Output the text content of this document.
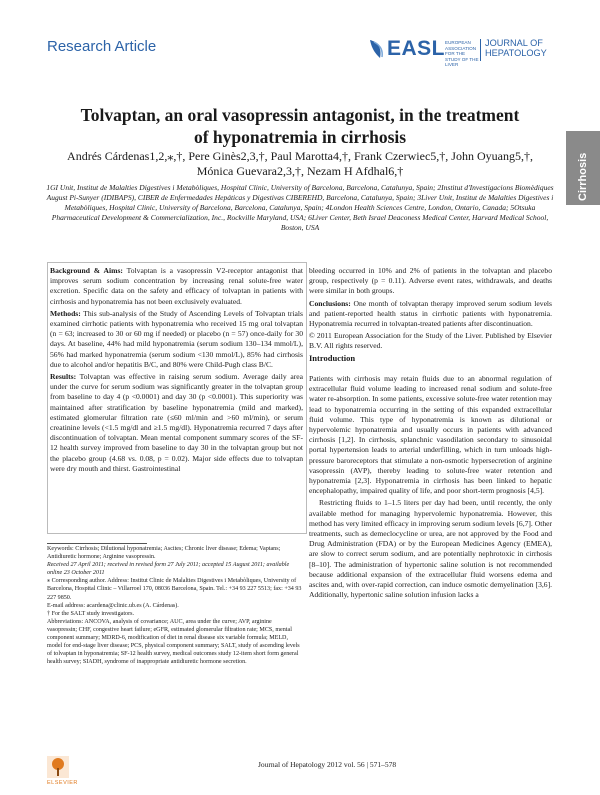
Research Article	EASL EUROPEAN ASSOCIATION FOR THE STUDY OF THE LIVER
JOURNAL OF
HEPATOLOGY
Cirrhosis
Tolvaptan, an oral vasopressin antagonist, in the treatment
of hyponatremia in cirrhosis
Andrés Cárdenas1,2,⁎,†, Pere Ginès2,3,†, Paul Marotta4,†, Frank Czerwiec5,†, John Oyuang5,†,
Mónica Guevara2,3,†, Nezam H Afdhal6,†
1GI Unit, Institut de Malalties Digestives i Metabòliques, Hospital Clinic, University of Barcelona, Barcelona, Catalunya, Spain; 2Institut d'Investigacions Biomèdiques August Pi-Sunyer (IDIBAPS), CIBER de Enfermedades Hepáticas y Digestivas CIBEREHD, Barcelona, Catalunya, Spain; 3Liver Unit, Institut de Malalties Digestives i Metabòliques, Hospital Clinic, University of Barcelona, Barcelona, Catalunya, Spain; 4London Health Sciences Centre, London, Ontario, Canada; 5Otsuka Pharmaceutical Development & Commercialization, Inc., Rockville Maryland, USA; 6Liver Center, Beth Israel Deaconess Medical Center, Harvard Medical School, Boston, USA

Background & Aims: Tolvaptan is a vasopressin V2-receptor antagonist that improves serum sodium concentration by increasing renal solute-free water excretion. Specific data on the safety and efficacy of tolvaptan in patients with cirrhosis and hyponatremia has not been exclusively evaluated.

Methods: This sub-analysis of the Study of Ascending Levels of Tolvaptan trials examined cirrhotic patients with hyponatremia who received 15 mg oral tolvaptan (n = 63; increased to 30 or 60 mg if needed) or placebo (n = 57) once-daily for 30 days. At baseline, 44% had mild hyponatremia (serum sodium 130–134 mmol/L), 56% had marked hyponatremia (serum sodium <130 mmol/L), 85% had cirrhosis due to alcohol and/or hepatitis B/C, and 80% were Child-Pugh class B/C.

Results: Tolvaptan was effective in raising serum sodium. Average daily area under the curve for serum sodium was significantly greater in the tolvaptan group from baseline to day 4 (p <0.0001) and day 30 (p <0.0001). This superiority was maintained after stratification by baseline hyponatremia (mild and marked), estimated glomerular filtration rate (≤60 ml/min and >60 ml/min), or serum creatinine levels (<1.5 mg/dl and ≥1.5 mg/dl). Hyponatremia recurred 7 days after discontinuation of tolvaptan. Mean mental component summary scores of the SF-12 health survey improved from baseline to day 30 in the tolvaptan group but not the placebo group (4.68 vs. 0.08, p = 0.02). Major side effects due to tolvaptan were dry mouth and thirst. Gastrointestinal

bleeding occurred in 10% and 2% of patients in the tolvaptan and placebo group, respectively (p = 0.11). Adverse event rates, withdrawals, and deaths were similar in both groups.

Conclusions: One month of tolvaptan therapy improved serum sodium levels and patient-reported health status in cirrhotic patients with hyponatremia. Hyponatremia recurred in tolvaptan-treated patients after discontinuation.

© 2011 European Association for the Study of the Liver. Published by Elsevier B.V. All rights reserved.

Introduction

Patients with cirrhosis may retain fluids due to an abnormal regulation of extracellular fluid volume leading to increased renal sodium and solute-free water re-absorption. In some patients, excessive solute-free water retention may lead to hyponatremia occurring in the setting of this expanded extracellular fluid volume. This type of hyponatremia is known as dilutional or hypervolemic hyponatremia and usually occurs in patients with advanced cirrhosis [1,2]. In cirrhosis, splanchnic vasodilation secondary to sinusoidal portal hypertension leads to arterial underfilling, which in turn unloads high-pressure baroreceptors that stimulate a non-osmotic hypersecretion of arginine vasopressin (AVP), thereby leading to solute-free water retention and hyponatremia [2,3]. Hyponatremia in cirrhosis has been linked to hepatic encephalopathy, impaired quality of life, and poor short-term prognosis [4,5].

Restricting fluids to 1–1.5 liters per day had been, until recently, the only available method for managing hypervolemic hyponatremia. However, this method has very limited efficacy in improving serum sodium levels [6,7]. Other treatments, such as demeclocycline or urea, are not approved by the Food and Drug Administration (FDA) or by the European Medicines Agency (EMEA), are slow to correct serum sodium, and are potentially nephrotoxic in cirrhosis [8–10]. The administration of hypertonic saline solution is not recommended because additional expansion of the extracellular fluid worsens edema and ascites and, with over-rapid correction, can induce osmotic demyelination [3,6]. Additionally, hypertonic saline solution infusion lacks a

Keywords: Cirrhosis; Dilutional hyponatremia; Ascites; Chronic liver disease; Edema; Vaptans; Antidiuretic hormone; Arginine vasopressin.

Received 27 April 2011; received in revised form 27 July 2011; accepted 15 August 2011; available online 23 October 2011

⁎ Corresponding author. Address: Institut Clinic de Malalties Digestives i Metabòliques, University of Barcelona, Hospital Clinic – Villarroel 170, 08036 Barcelona, Spain. Tel.: +34 93 227 5513; fax: +34 93 227 9850.

E-mail address: acardena@clinic.ub.es (A. Cárdenas).

† For the SALT study investigators.

Abbreviations: ANCOVA, analysis of covariance; AUC, area under the curve; AVP, arginine vasopressin; CHF, congestive heart failure; eGFR, estimated glomerular filtration rate; MCS, mental component summary; MDRD-6, modification of diet in renal disease six variable formula; MELD, model for end-stage liver disease; PCS, physical component summary; SALT, study of ascending levels of tolvaptan in hyponatremia; SF-12 health survey, medical outcomes study 12-item short form general health survey; SIADH, syndrome of inappropriate antidiuretic hormone secretion.

ELSEVIER
Journal of Hepatology 2012 vol. 56 | 571–578
